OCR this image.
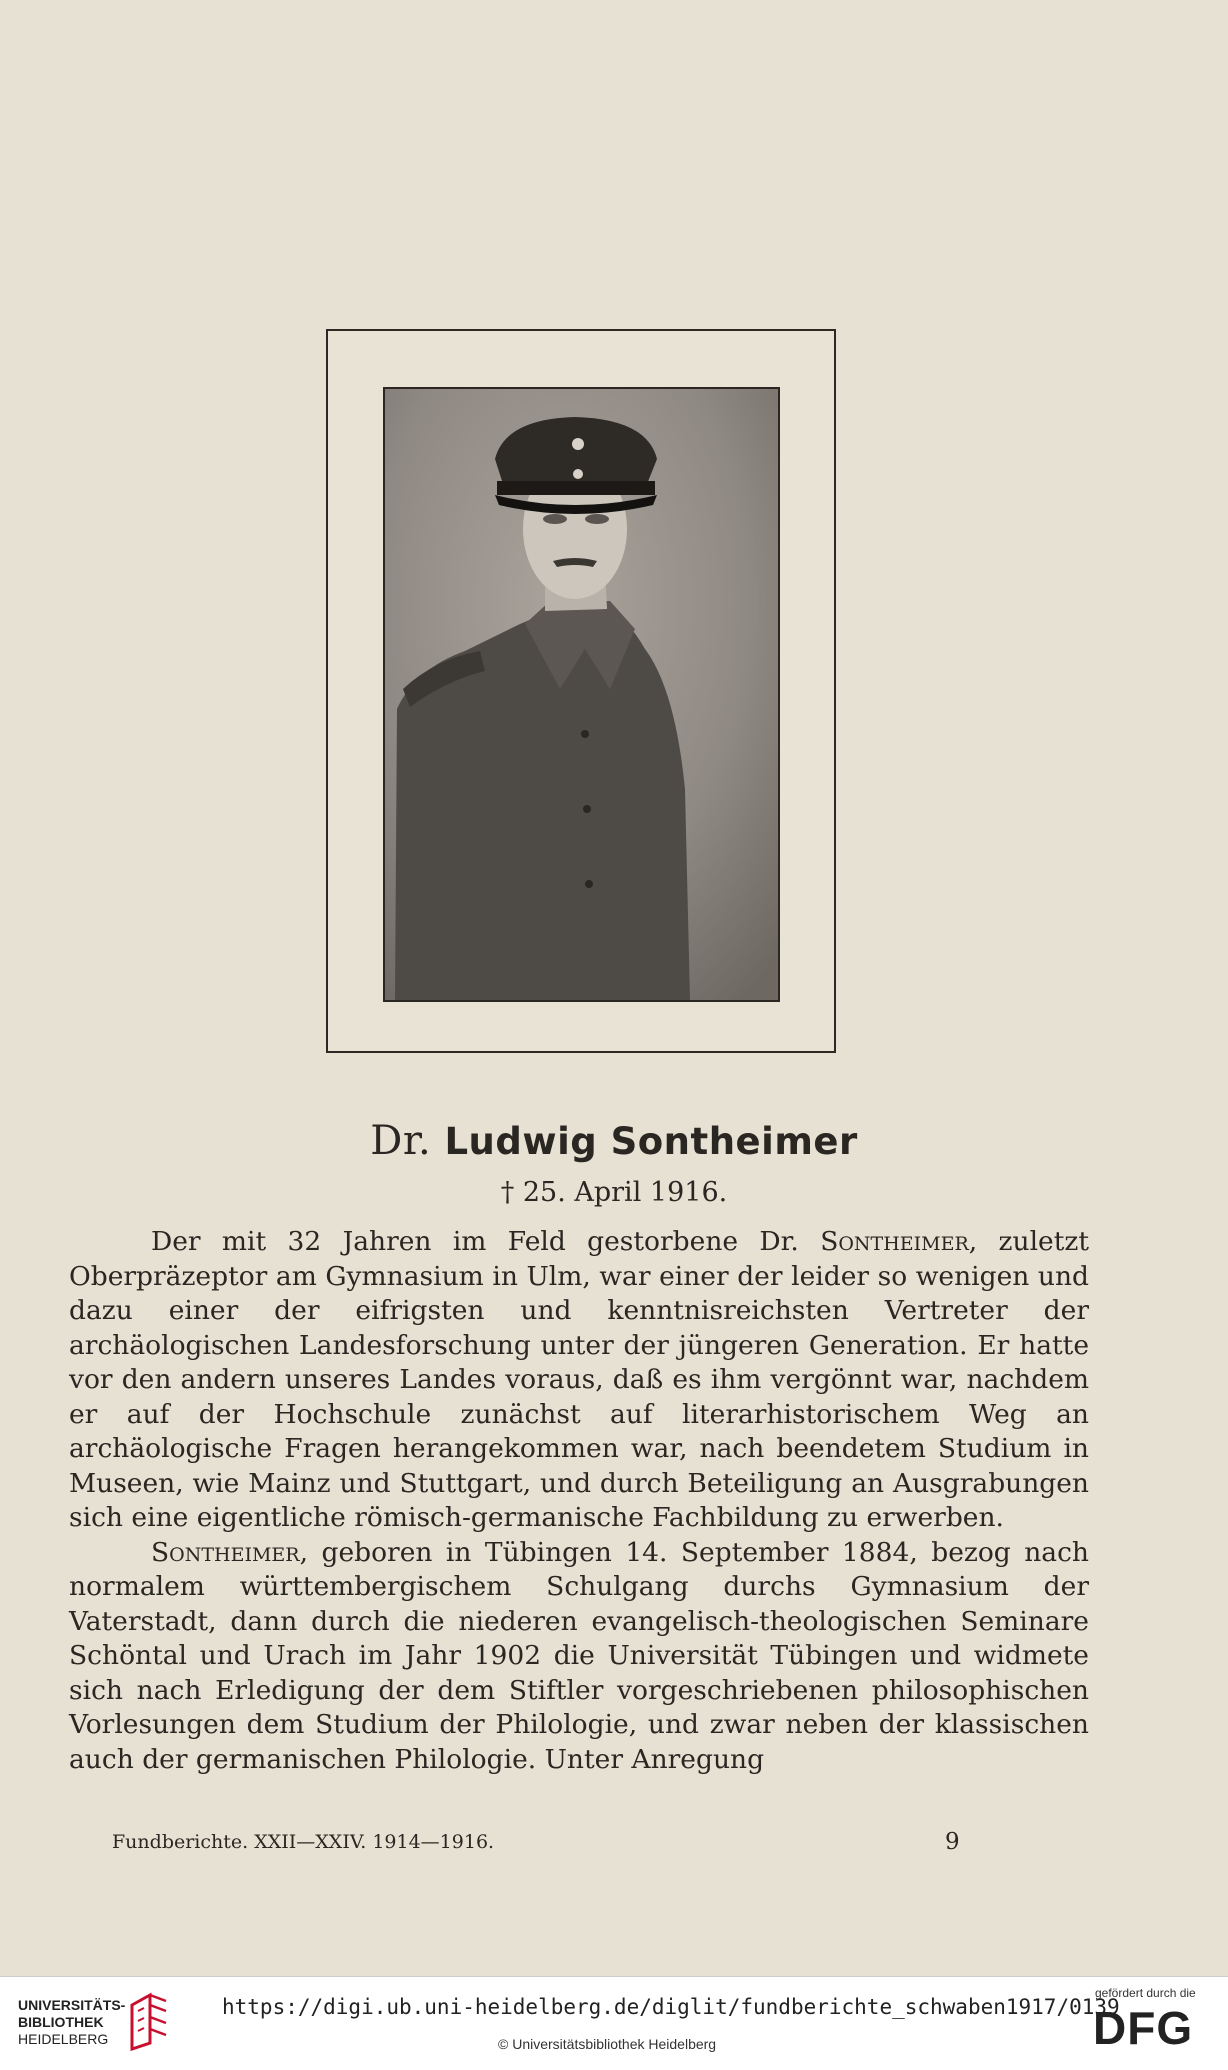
Dr. Ludwig Sontheimer
† 25. April 1916.

Der mit 32 Jahren im Feld gestorbene Dr. Sontheimer, zuletzt Oberpräzeptor am Gymnasium in Ulm, war einer der leider so wenigen und dazu einer der eifrigsten und kenntnisreichsten Vertreter der archäologischen Landesforschung unter der jüngeren Generation. Er hatte vor den andern unseres Landes voraus, daß es ihm vergönnt war, nachdem er auf der Hochschule zunächst auf literarhistorischem Weg an archäologische Fragen herangekommen war, nach beendetem Studium in Museen, wie Mainz und Stuttgart, und durch Beteiligung an Ausgrabungen sich eine eigentliche römisch-germanische Fachbildung zu erwerben.

Sontheimer, geboren in Tübingen 14. September 1884, bezog nach normalem württembergischem Schulgang durchs Gymnasium der Vaterstadt, dann durch die niederen evangelisch-theologischen Seminare Schöntal und Urach im Jahr 1902 die Universität Tübingen und widmete sich nach Erledigung der dem Stiftler vorgeschriebenen philosophischen Vorlesungen dem Studium der Philologie, und zwar neben der klassischen auch der germanischen Philologie. Unter Anregung

Fundberichte. XXII—XXIV. 1914—1916.	9
UNIVERSITÄTS-
BIBLIOTHEK
HEIDELBERG
https://digi.ub.uni-heidelberg.de/diglit/fundberichte_schwaben1917/0139
© Universitätsbibliothek Heidelberg
gefördert durch die
DFG
